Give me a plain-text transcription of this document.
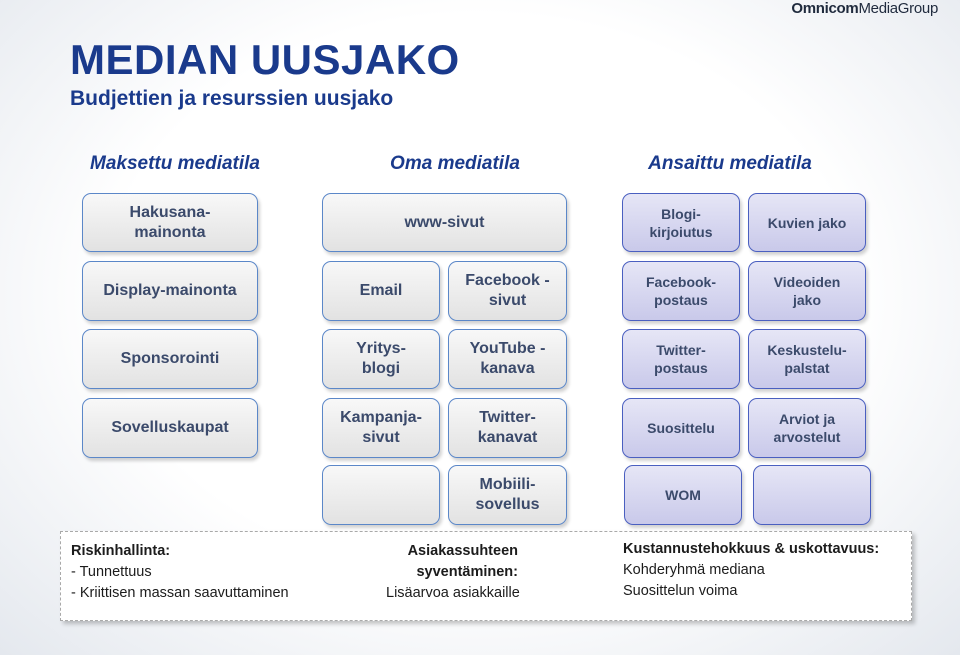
OmnicomMediaGroup
MEDIAN UUSJAKO
Budjettien ja resurssien uusjako
Maksettu mediatila	Oma mediatila	Ansaittu mediatila
Hakusana-
mainonta
Display-mainonta
Sponsorointi
Sovelluskaupat
www-sivut
Email
Facebook -
sivut
Yritys-
blogi
YouTube -
kanava
Kampanja-
sivut
Twitter-
kanavat
Mobiili-
sovellus
Blogi-
kirjoiutus
Kuvien jako
Facebook-
postaus
Videoiden
jako
Twitter-
postaus
Keskustelu-
palstat
Suosittelu
Arviot ja
arvostelut
WOM
Riskinhallinta:
- Tunnettuus
- Kriittisen massan saavuttaminen
Asiakassuhteen
syventäminen:
Lisäarvoa asiakkaille
Kustannustehokkuus & uskottavuus:
Kohderyhmä mediana
Suosittelun voima
